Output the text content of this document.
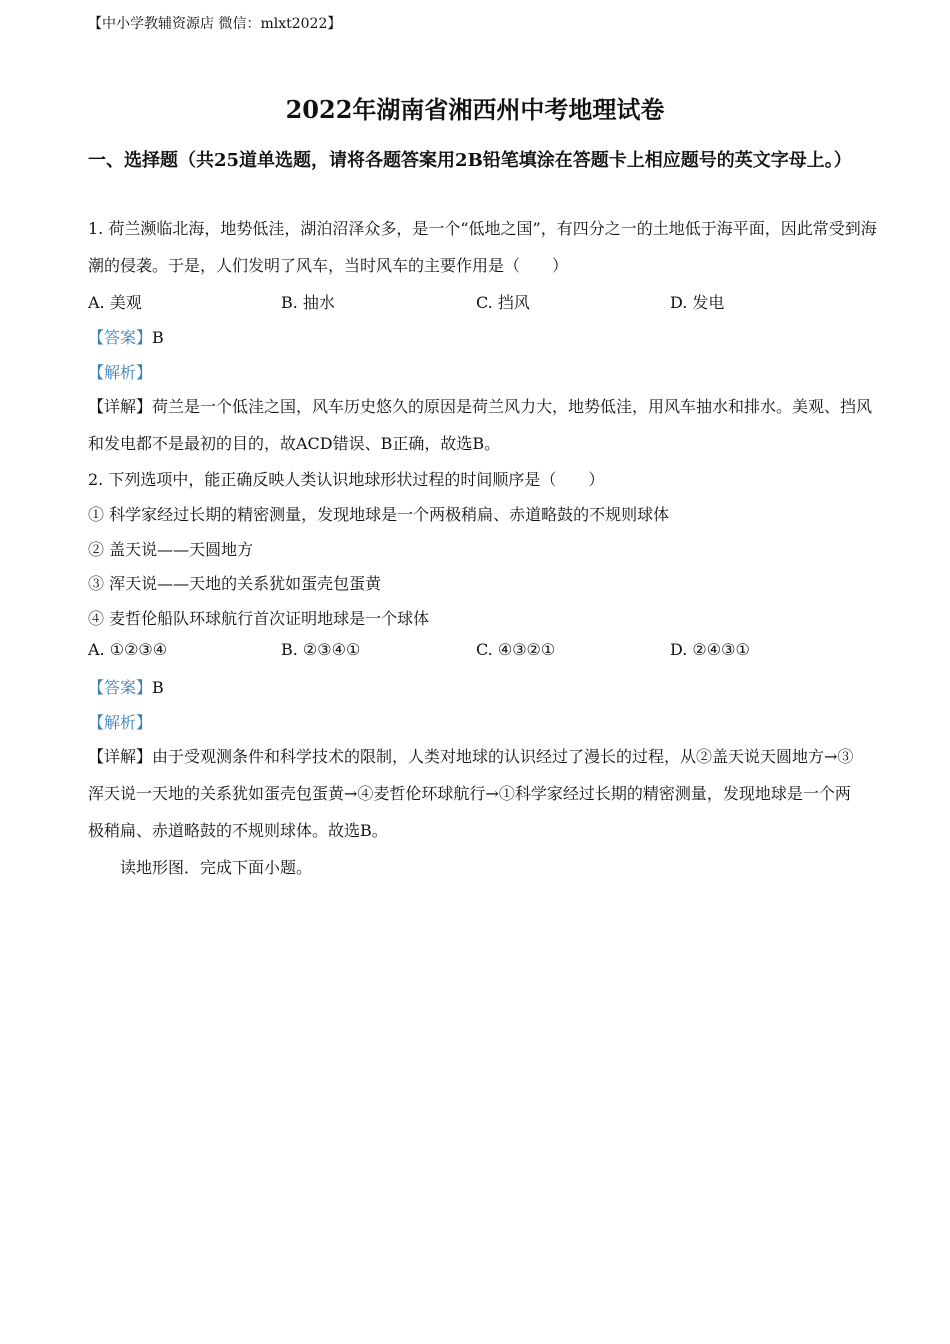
【中小学教辅资源店 微信：mlxt2022】
2022年湖南省湘西州中考地理试卷
一、选择题（共25道单选题，请将各题答案用2B铅笔填涂在答题卡上相应题号的英文字母上。）
1. 荷兰濒临北海，地势低洼，湖泊沼泽众多，是一个“低地之国”，有四分之一的土地低于海平面，因此常受到海潮的侵袭。于是，人们发明了风车，当时风车的主要作用是（　　）
A. 美观	B. 抽水	C. 挡风	D. 发电
【答案】B
【解析】
【详解】荷兰是一个低洼之国，风车历史悠久的原因是荷兰风力大，地势低洼，用风车抽水和排水。美观、挡风和发电都不是最初的目的，故ACD错误、B正确，故选B。
2. 下列选项中，能正确反映人类认识地球形状过程的时间顺序是（　　）
① 科学家经过长期的精密测量，发现地球是一个两极稍扁、赤道略鼓的不规则球体
② 盖天说——天圆地方
③ 浑天说——天地的关系犹如蛋壳包蛋黄
④ 麦哲伦船队环球航行首次证明地球是一个球体
A. ①②③④	B. ②③④①	C. ④③②①	D. ②④③①
【答案】B
【解析】
【详解】由于受观测条件和科学技术的限制，人类对地球的认识经过了漫长的过程，从②盖天说天圆地方→③浑天说一天地的关系犹如蛋壳包蛋黄→④麦哲伦环球航行→①科学家经过长期的精密测量，发现地球是一个两极稍扁、赤道略鼓的不规则球体。故选B。
读地形图．完成下面小题。
